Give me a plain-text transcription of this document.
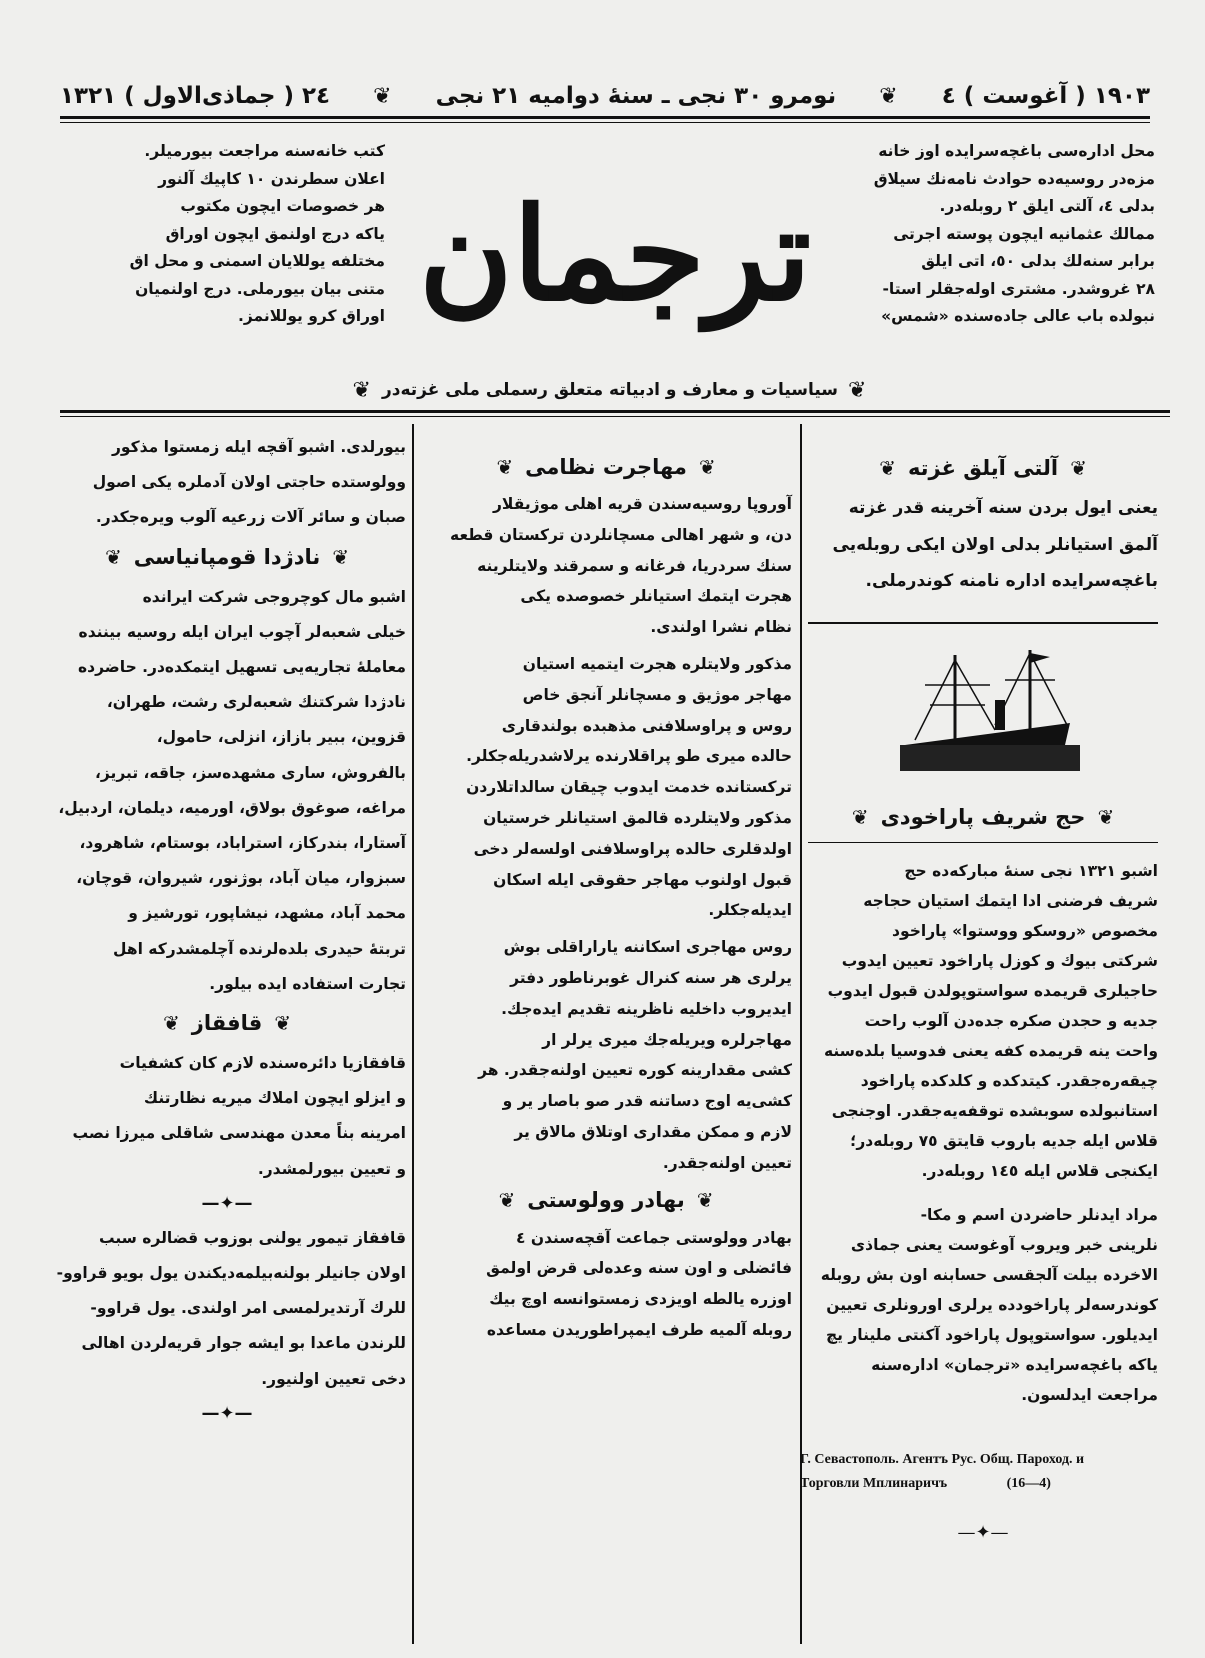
۲٤ ( جماذی‌الاول ) ۱۳۲۱ ❦ نومرو ۳۰ نجی ـ سنهٔ دوامیه ۲۱ نجی ❦ ۱۹۰۳ ( آغوست ) ٤

محل ادارەسی باغچه‌سرایده اوز خانه

مزەدر روسیەده حوادث نامه‌نك سیلاق

بدلی ٤، آلتی ایلق ۲ روبله‌در.

ممالك عثمانیه ایچون پوسته اجرتی

برابر سنه‌لك بدلی ٥٠، اتی ایلق

۲۸ غروشدر. مشتری اولەجقلر استا-

نبولده باب عالی جاده‌سنده «شمس»

ترجمان

کتب خانەسنه مراجعت بیورمیلر.

اعلان سطرندن ۱۰ کاپیك آلنور

هر خصوصات ایچون مکتوب

یاکه درج اولنمق ایچون اوراق

مختلفه یوللایان اسمنی و محل اق

متنی بیان بیورملی. درج اولنمیان

اوراق کرو یوللانمز.

❦ سیاسیات و معارف و ادبیاته متعلق رسملی ملی غزته‌در ❦
❦
آلتی آیلق غزته
❦

یعنی ایول بردن سنه آخرینه قدر غزته

آلمق استیانلر بدلی اولان ایکی روبلەیی

باغچه‌سرایده اداره نامنه کوندرملی.

❦
حج شریف پاراخودی
❦

اشبو ۱۳۲۱ نجی سنهٔ مبارکه‌ده حج

شریف فرضنی ادا ایتمك استیان حجاجه

مخصوص «روسکو ووستوا» پاراخود

شرکتی بیوك و کوزل پاراخود تعیین ایدوب

حاجیلری قریمده سواستوپولدن قبول ایدوب

جدیه و حجدن صکره جده‌دن آلوب راحت

واحت ینه قریمده کفه یعنی فدوسیا بلده‌سنه

چیقەرەجقدر. کیتدکده و کلدکده پاراخود

استانبولده سوبشده توقفه‌یه‌جقدر. اوجنجی

قلاس ایله جدیه باروب قایتق ۷٥ روبلەدر؛

ایکنجی قلاس ایله ۱٤٥ روبلەدر.

مراد ایدنلر حاضردن اسم و مکا-

نلرینی خبر ویروب آوغوست یعنی جماذی

الاخرده بیلت آلجقسی حسابنه اون بش روبله

کوندرسەلر پاراخودده یرلری اورونلری تعیین

ایدیلور. سواستوپول پاراخود آکنتی ملینار یچ

یاکه باغچه‌سرایده «ترجمان» ادارەسنه

مراجعت ایدلسون.

Г. Севастополь. Агентъ Рус. Общ. Пароход. и

Торговли Мплинаричъ	(16—4)

—✦—
❦
مهاجرت نظامی
❦

آوروپا روسیەسندن قریه اهلی موژیقلار

دن، و شهر اهالی مسچانلردن ترکستان قطعه

سنك سردریا، فرغانه و سمرقند ولایتلرینه

هجرت ایتمك استیانلر خصوصده یکی

نظام نشرا اولندی.

مذکور ولایتلره هجرت ایتمیه استیان

مهاجر موژیق و مسچانلر آنجق خاص

روس و پراوسلافنی مذهبده بولندقاری

حالده میری طو پراقلارنده یرلاشدریله‌جکلر.

ترکستانده خدمت ایدوب چیقان سالداتلاردن

مذکور ولایتلرده قالمق استیانلر خرستیان

اولدقلری حالده پراوسلافنی اولسەلر دخی

قبول اولنوب مهاجر حقوقی ایله اسکان

ایدیله‌جکلر.

روس مهاجری اسکاننه یاراراقلی بوش

یرلری هر سنه کنرال غوبرناطور دفتر

ایدیروب داخلیه ناظرینه تقدیم ایده‌جك.

مهاجرلره ویریله‌جك میری یرلر ار

کشی مقدارینه کوره تعیین اولنه‌جقدر. هر

کشی‌یه اوج دساتنه قدر صو باصار یر و

لازم و ممکن مقداری اوتلاق مالاق یر

تعیین اولنه‌جقدر.

❦
بهادر وولوستی
❦

بهادر وولوستی جماعت آقچه‌سندن ٤

فائضلی و اون سنه وعده‌لی قرض اولمق

اوزره یالطه اویزدی زمستوانسه اوچ بیك

روبله آلمیه طرف ایمپراطوریدن مساعده

بیورلدی. اشبو آقچه ایله زمستوا مذکور

وولوستده حاجتی اولان آدملره یکی اصول

صبان و سائر آلات زرعیه آلوب ویره‌جکدر.

❦
نادژدا قومپانیاسی
❦

اشبو مال کوچروجی شرکت ایرانده

خیلی شعبەلر آچوب ایران ایله روسیه بیننده

معاملهٔ تجاریه‌یی تسهیل ایتمکده‌در. حاضرده

نادژدا شرکتنك شعبەلری رشت، طهران،

قزوین، ببیر بازاز، انزلی، حامول،

بالفروش، ساری مشهدەسز، جاقه، تبریز،

مراغه، صوغوق بولاق، اورمیه، دیلمان، اردبیل،

آستارا، بندرکاز، استراباد، بوستام، شاهرود،

سبزوار، میان آباد، بوژنور، شیروان، قوچان،

محمد آباد، مشهد، نیشاپور، تورشیز و

تربتهٔ حیدری بلدەلرنده آچلمشدرکه اهل

تجارت استفاده ایده بیلور.

❦
قافقاز
❦

قافقازیا دائرەسنده لازم کان کشفیات

و ایزلو ایچون املاك میریه نظارتنك

امرینه بناً معدن مهندسی شاقلی میرزا نصب

و تعیین بیورلمشدر.

—✦—

قافقاز تیمور یولنی بوزوب قضالره سبب

اولان جانیلر بولنه‌بیلمه‌دیکندن یول بویو قراوو-

للرك آرتدیرلمسی امر اولندی. یول قراوو-

للرندن ماعدا بو ایشه جوار قریه‌لردن اهالی

دخی تعیین اولنیور.

—✦—
